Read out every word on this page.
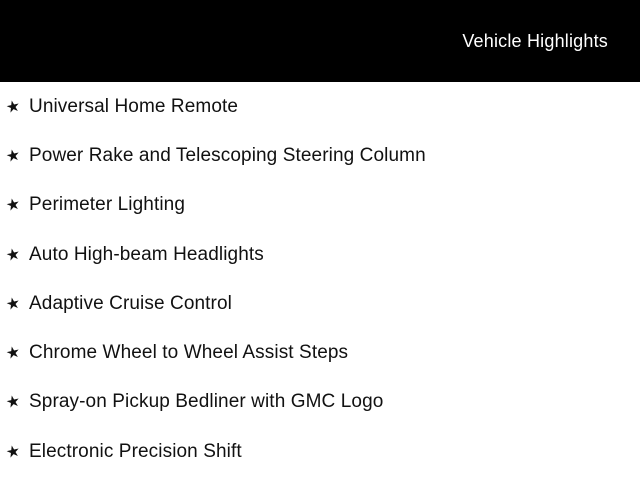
Vehicle Highlights
★ Universal Home Remote
★ Power Rake and Telescoping Steering Column
★ Perimeter Lighting
★ Auto High-beam Headlights
★ Adaptive Cruise Control
★ Chrome Wheel to Wheel Assist Steps
★ Spray-on Pickup Bedliner with GMC Logo
★ Electronic Precision Shift
